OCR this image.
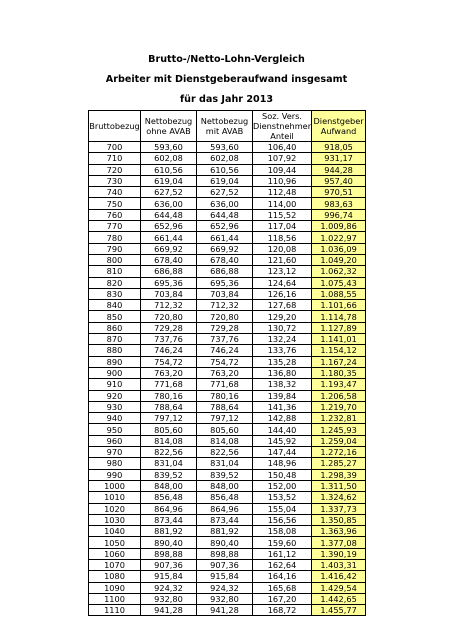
Brutto-/Netto-Lohn-Vergleich
Arbeiter mit Dienstgeberaufwand insgesamt
für das Jahr 2013
Bruttobezug	Nettobezug ohne AVAB	Nettobezug mit AVAB	Soz. Vers. Dienstnehmer Anteil	Dienstgeber Aufwand
700	593,60	593,60	106,40	918,05
710	602,08	602,08	107,92	931,17
720	610,56	610,56	109,44	944,28
730	619,04	619,04	110,96	957,40
740	627,52	627,52	112,48	970,51
750	636,00	636,00	114,00	983,63
760	644,48	644,48	115,52	996,74
770	652,96	652,96	117,04	1.009,86
780	661,44	661,44	118,56	1.022,97
790	669,92	669,92	120,08	1.036,09
800	678,40	678,40	121,60	1.049,20
810	686,88	686,88	123,12	1.062,32
820	695,36	695,36	124,64	1.075,43
830	703,84	703,84	126,16	1.088,55
840	712,32	712,32	127,68	1.101,66
850	720,80	720,80	129,20	1.114,78
860	729,28	729,28	130,72	1.127,89
870	737,76	737,76	132,24	1.141,01
880	746,24	746,24	133,76	1.154,12
890	754,72	754,72	135,28	1.167,24
900	763,20	763,20	136,80	1.180,35
910	771,68	771,68	138,32	1.193,47
920	780,16	780,16	139,84	1.206,58
930	788,64	788,64	141,36	1.219,70
940	797,12	797,12	142,88	1.232,81
950	805,60	805,60	144,40	1.245,93
960	814,08	814,08	145,92	1.259,04
970	822,56	822,56	147,44	1.272,16
980	831,04	831,04	148,96	1.285,27
990	839,52	839,52	150,48	1.298,39
1000	848,00	848,00	152,00	1.311,50
1010	856,48	856,48	153,52	1.324,62
1020	864,96	864,96	155,04	1.337,73
1030	873,44	873,44	156,56	1.350,85
1040	881,92	881,92	158,08	1.363,96
1050	890,40	890,40	159,60	1.377,08
1060	898,88	898,88	161,12	1.390,19
1070	907,36	907,36	162,64	1.403,31
1080	915,84	915,84	164,16	1.416,42
1090	924,32	924,32	165,68	1.429,54
1100	932,80	932,80	167,20	1.442,65
1110	941,28	941,28	168,72	1.455,77
